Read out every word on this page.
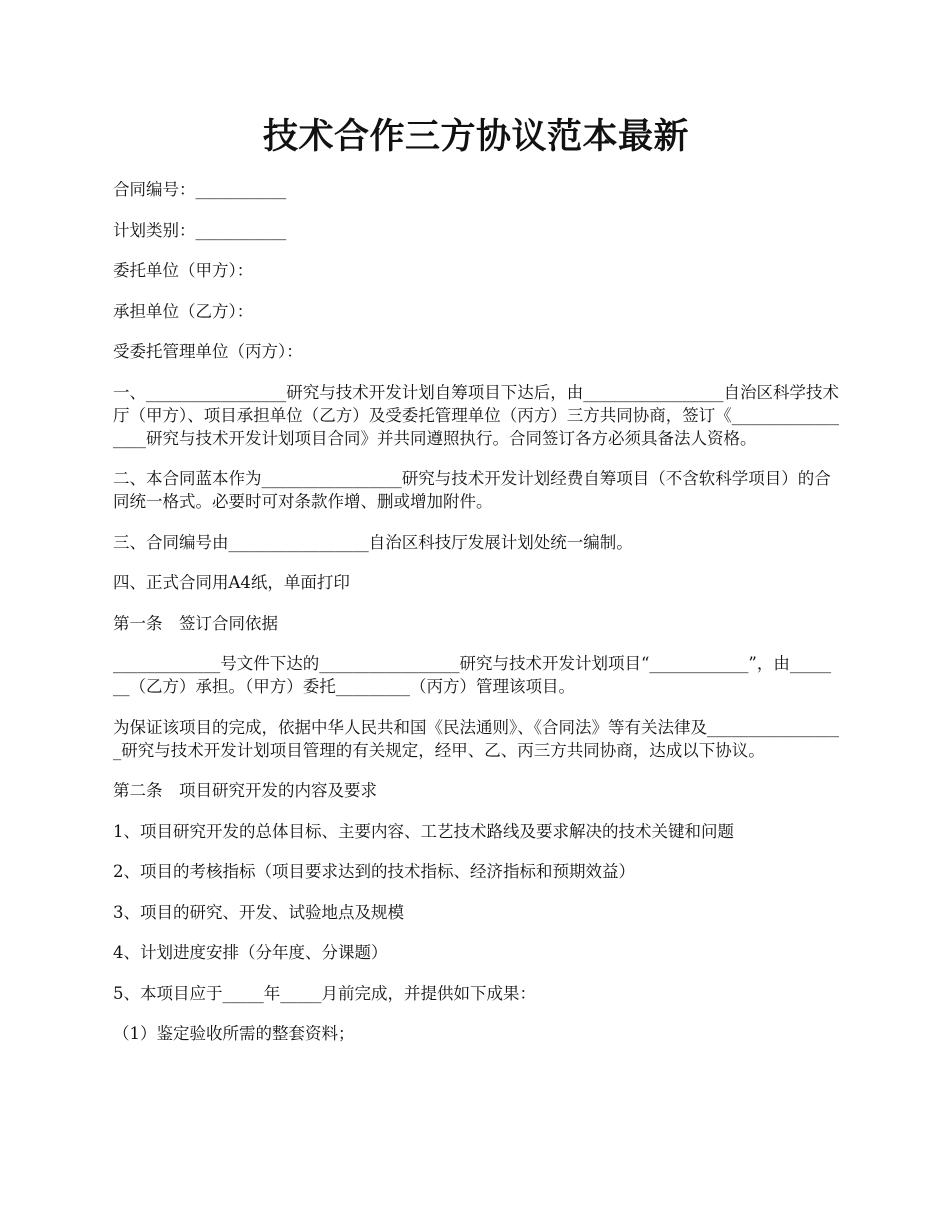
技术合作三方协议范本最新

合同编号：___________

计划类别：___________

委托单位（甲方）：

承担单位（乙方）：

受委托管理单位（丙方）：

一、_________________研究与技术开发计划自筹项目下达后，由_________________自治区科学技术厅（甲方）、项目承担单位（乙方）及受委托管理单位（丙方）三方共同协商，签订《_________________研究与技术开发计划项目合同》并共同遵照执行。合同签订各方必须具备法人资格。

二、本合同蓝本作为_________________研究与技术开发计划经费自筹项目（不含软科学项目）的合同统一格式。必要时可对条款作增、删或增加附件。

三、合同编号由_________________自治区科技厅发展计划处统一编制。

四、正式合同用A4纸，单面打印

第一条　签订合同依据

_____________号文件下达的_________________研究与技术开发计划项目“____________”，由_______（乙方）承担。（甲方）委托_________（丙方）管理该项目。

为保证该项目的完成，依据中华人民共和国《民法通则》、《合同法》等有关法律及_________________研究与技术开发计划项目管理的有关规定，经甲、乙、丙三方共同协商，达成以下协议。

第二条　项目研究开发的内容及要求

1、项目研究开发的总体目标、主要内容、工艺技术路线及要求解决的技术关键和问题

2、项目的考核指标（项目要求达到的技术指标、经济指标和预期效益）

3、项目的研究、开发、试验地点及规模

4、计划进度安排（分年度、分课题）

5、本项目应于_____年_____月前完成，并提供如下成果：

（1）鉴定验收所需的整套资料；
